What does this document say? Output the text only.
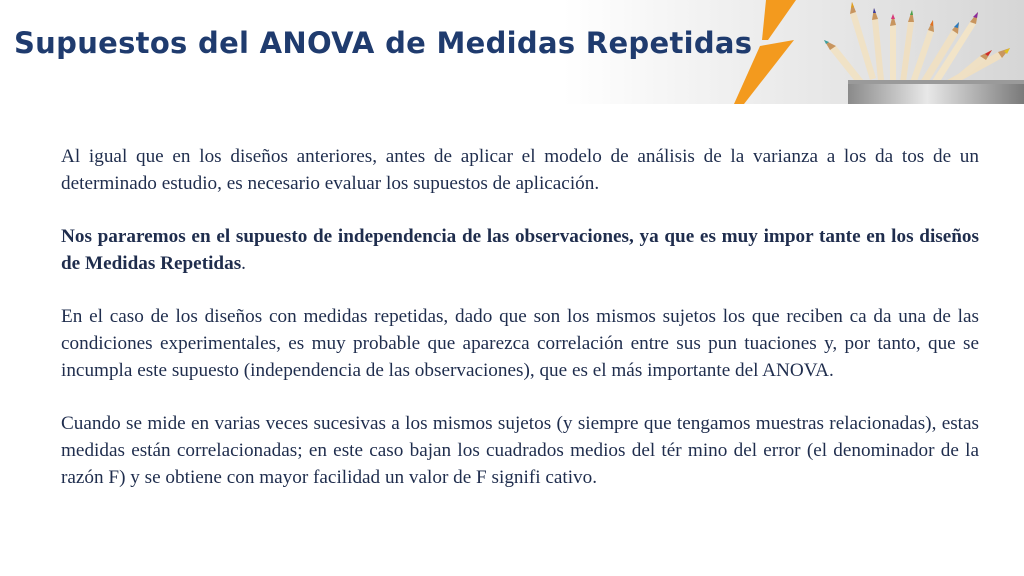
Supuestos del ANOVA de Medidas Repetidas

Al igual que en los diseños anteriores, antes de aplicar el modelo de análisis de la varianza a los da tos de un determinado estudio, es necesario evaluar los supuestos de aplicación.

Nos pararemos en el supuesto de independencia de las observaciones, ya que es muy impor tante en los diseños de Medidas Repetidas.

En el caso de los diseños con medidas repetidas, dado que son los mismos sujetos los que reciben ca da una de las condiciones experimentales, es muy probable que aparezca correlación entre sus pun tuaciones y, por tanto, que se incumpla este supuesto (independencia de las observaciones), que es el más importante del ANOVA.

Cuando se mide en varias veces sucesivas a los mismos sujetos (y siempre que tengamos muestras relacionadas), estas medidas están correlacionadas; en este caso bajan los cuadrados medios del tér mino del error (el denominador de la razón F) y se obtiene con mayor facilidad un valor de F signifi cativo.
